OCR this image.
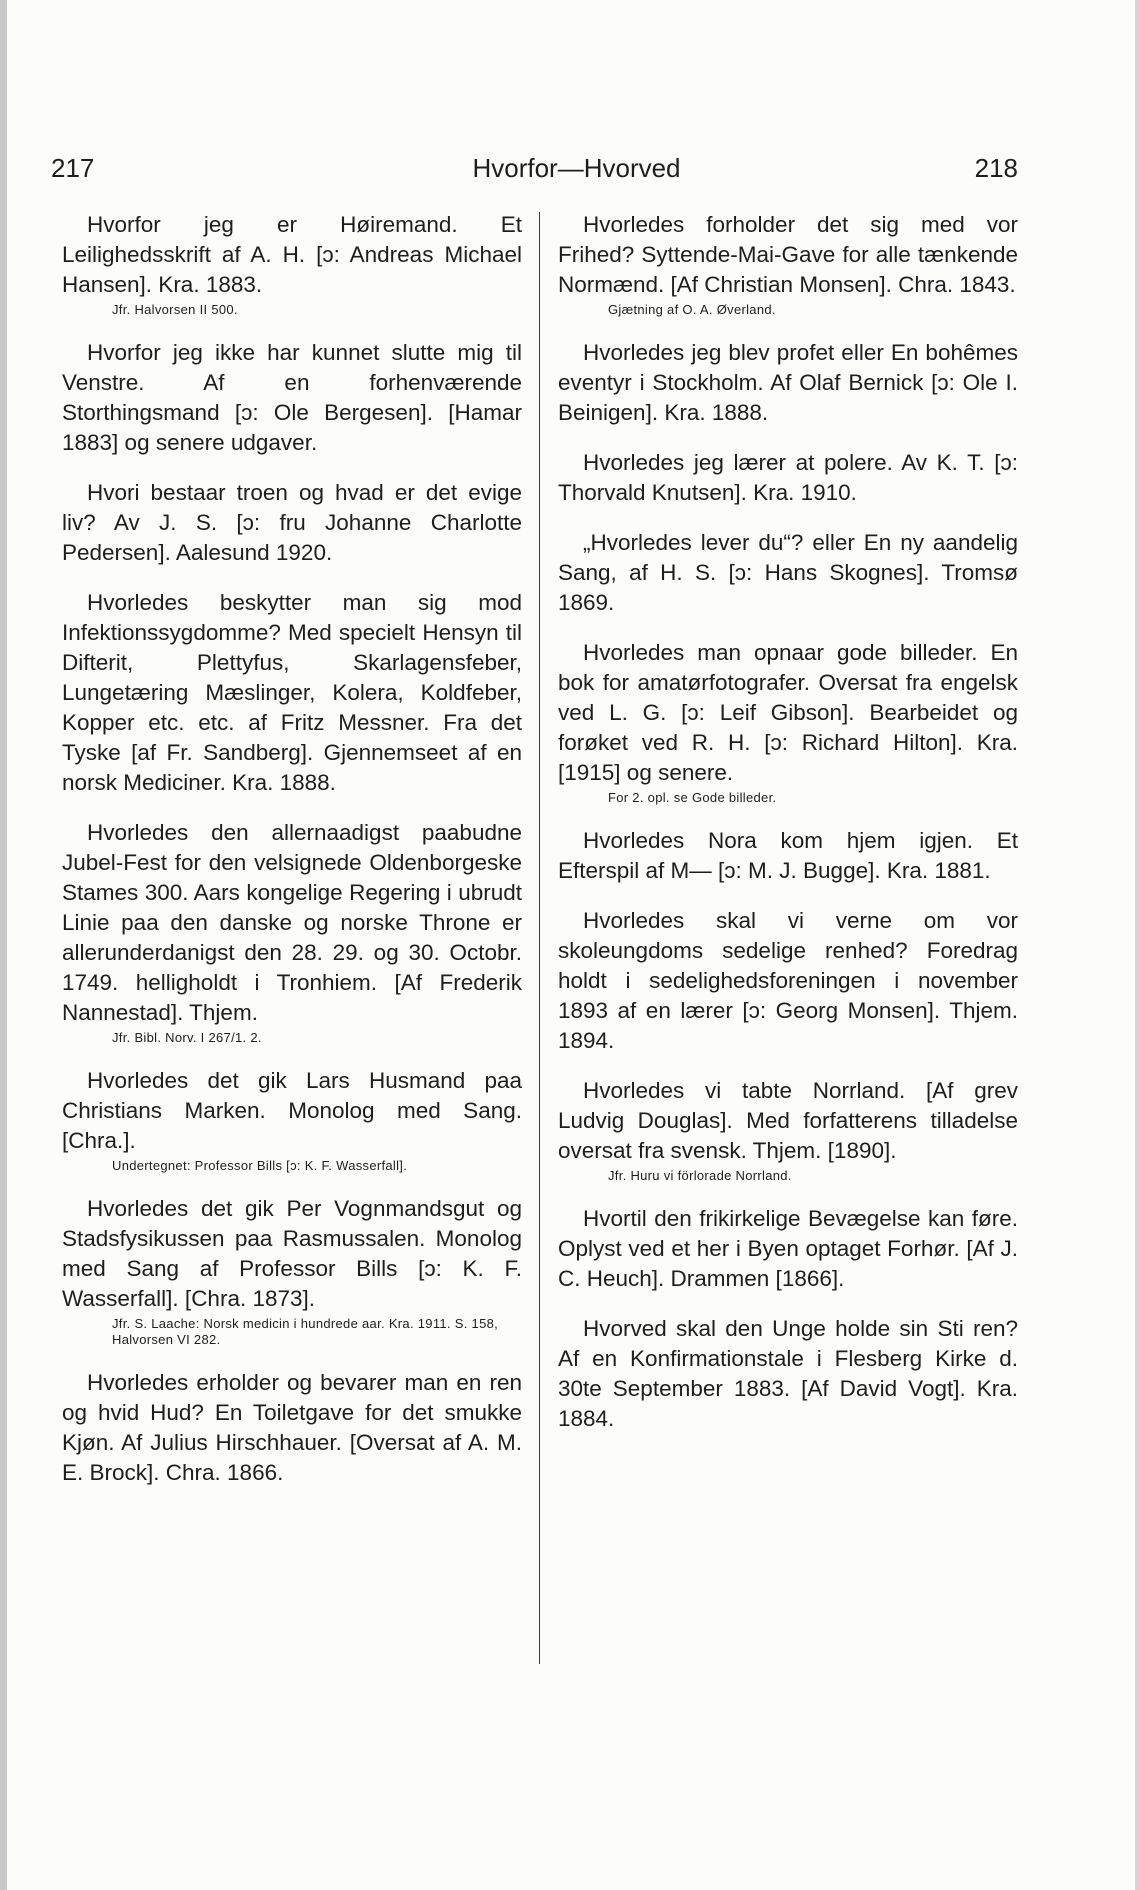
217	Hvorfor—Hvorved	218

Hvorfor jeg er Høiremand. Et Leilighedsskrift af A. H. [ɔ: Andreas Michael Hansen]. Kra. 1883.

Jfr. Halvorsen II 500.

Hvorfor jeg ikke har kunnet slutte mig til Venstre. Af en forhenværende Storthingsmand [ɔ: Ole Bergesen]. [Hamar 1883] og senere udgaver.

Hvori bestaar troen og hvad er det evige liv? Av J. S. [ɔ: fru Johanne Charlotte Pedersen]. Aalesund 1920.

Hvorledes beskytter man sig mod Infektionssygdomme? Med specielt Hensyn til Difterit, Plettyfus, Skarlagensfeber, Lungetæring Mæslinger, Kolera, Koldfeber, Kopper etc. etc. af Fritz Messner. Fra det Tyske [af Fr. Sandberg]. Gjennemseet af en norsk Mediciner. Kra. 1888.

Hvorledes den allernaadigst paabudne Jubel-Fest for den velsignede Oldenborgeske Stames 300. Aars kongelige Regering i ubrudt Linie paa den danske og norske Throne er allerunderdanigst den 28. 29. og 30. Octobr. 1749. helligholdt i Tronhiem. [Af Frederik Nannestad]. Thjem.

Jfr. Bibl. Norv. I 267/1. 2.

Hvorledes det gik Lars Husmand paa Christians Marken. Monolog med Sang. [Chra.].

Undertegnet: Professor Bills [ɔ: K. F. Wasserfall].

Hvorledes det gik Per Vognmandsgut og Stadsfysikussen paa Rasmussalen. Monolog med Sang af Professor Bills [ɔ: K. F. Wasserfall]. [Chra. 1873].

Jfr. S. Laache: Norsk medicin i hundrede aar. Kra. 1911. S. 158, Halvorsen VI 282.

Hvorledes erholder og bevarer man en ren og hvid Hud? En Toiletgave for det smukke Kjøn. Af Julius Hirschhauer. [Oversat af A. M. E. Brock]. Chra. 1866.

Hvorledes forholder det sig med vor Frihed? Syttende-Mai-Gave for alle tænkende Normænd. [Af Christian Monsen]. Chra. 1843.

Gjætning af O. A. Øverland.

Hvorledes jeg blev profet eller En bohêmes eventyr i Stockholm. Af Olaf Bernick [ɔ: Ole I. Beinigen]. Kra. 1888.

Hvorledes jeg lærer at polere. Av K. T. [ɔ: Thorvald Knutsen]. Kra. 1910.

„Hvorledes lever du“? eller En ny aandelig Sang, af H. S. [ɔ: Hans Skognes]. Tromsø 1869.

Hvorledes man opnaar gode billeder. En bok for amatørfotografer. Oversat fra engelsk ved L. G. [ɔ: Leif Gibson]. Bearbeidet og forøket ved R. H. [ɔ: Richard Hilton]. Kra. [1915] og senere.

For 2. opl. se Gode billeder.

Hvorledes Nora kom hjem igjen. Et Efterspil af M— [ɔ: M. J. Bugge]. Kra. 1881.

Hvorledes skal vi verne om vor skoleungdoms sedelige renhed? Foredrag holdt i sedelighedsforeningen i november 1893 af en lærer [ɔ: Georg Monsen]. Thjem. 1894.

Hvorledes vi tabte Norrland. [Af grev Ludvig Douglas]. Med forfatterens tilladelse oversat fra svensk. Thjem. [1890].

Jfr. Huru vi förlorade Norrland.

Hvortil den frikirkelige Bevægelse kan føre. Oplyst ved et her i Byen optaget Forhør. [Af J. C. Heuch]. Drammen [1866].

Hvorved skal den Unge holde sin Sti ren? Af en Konfirmationstale i Flesberg Kirke d. 30te September 1883. [Af David Vogt]. Kra. 1884.
